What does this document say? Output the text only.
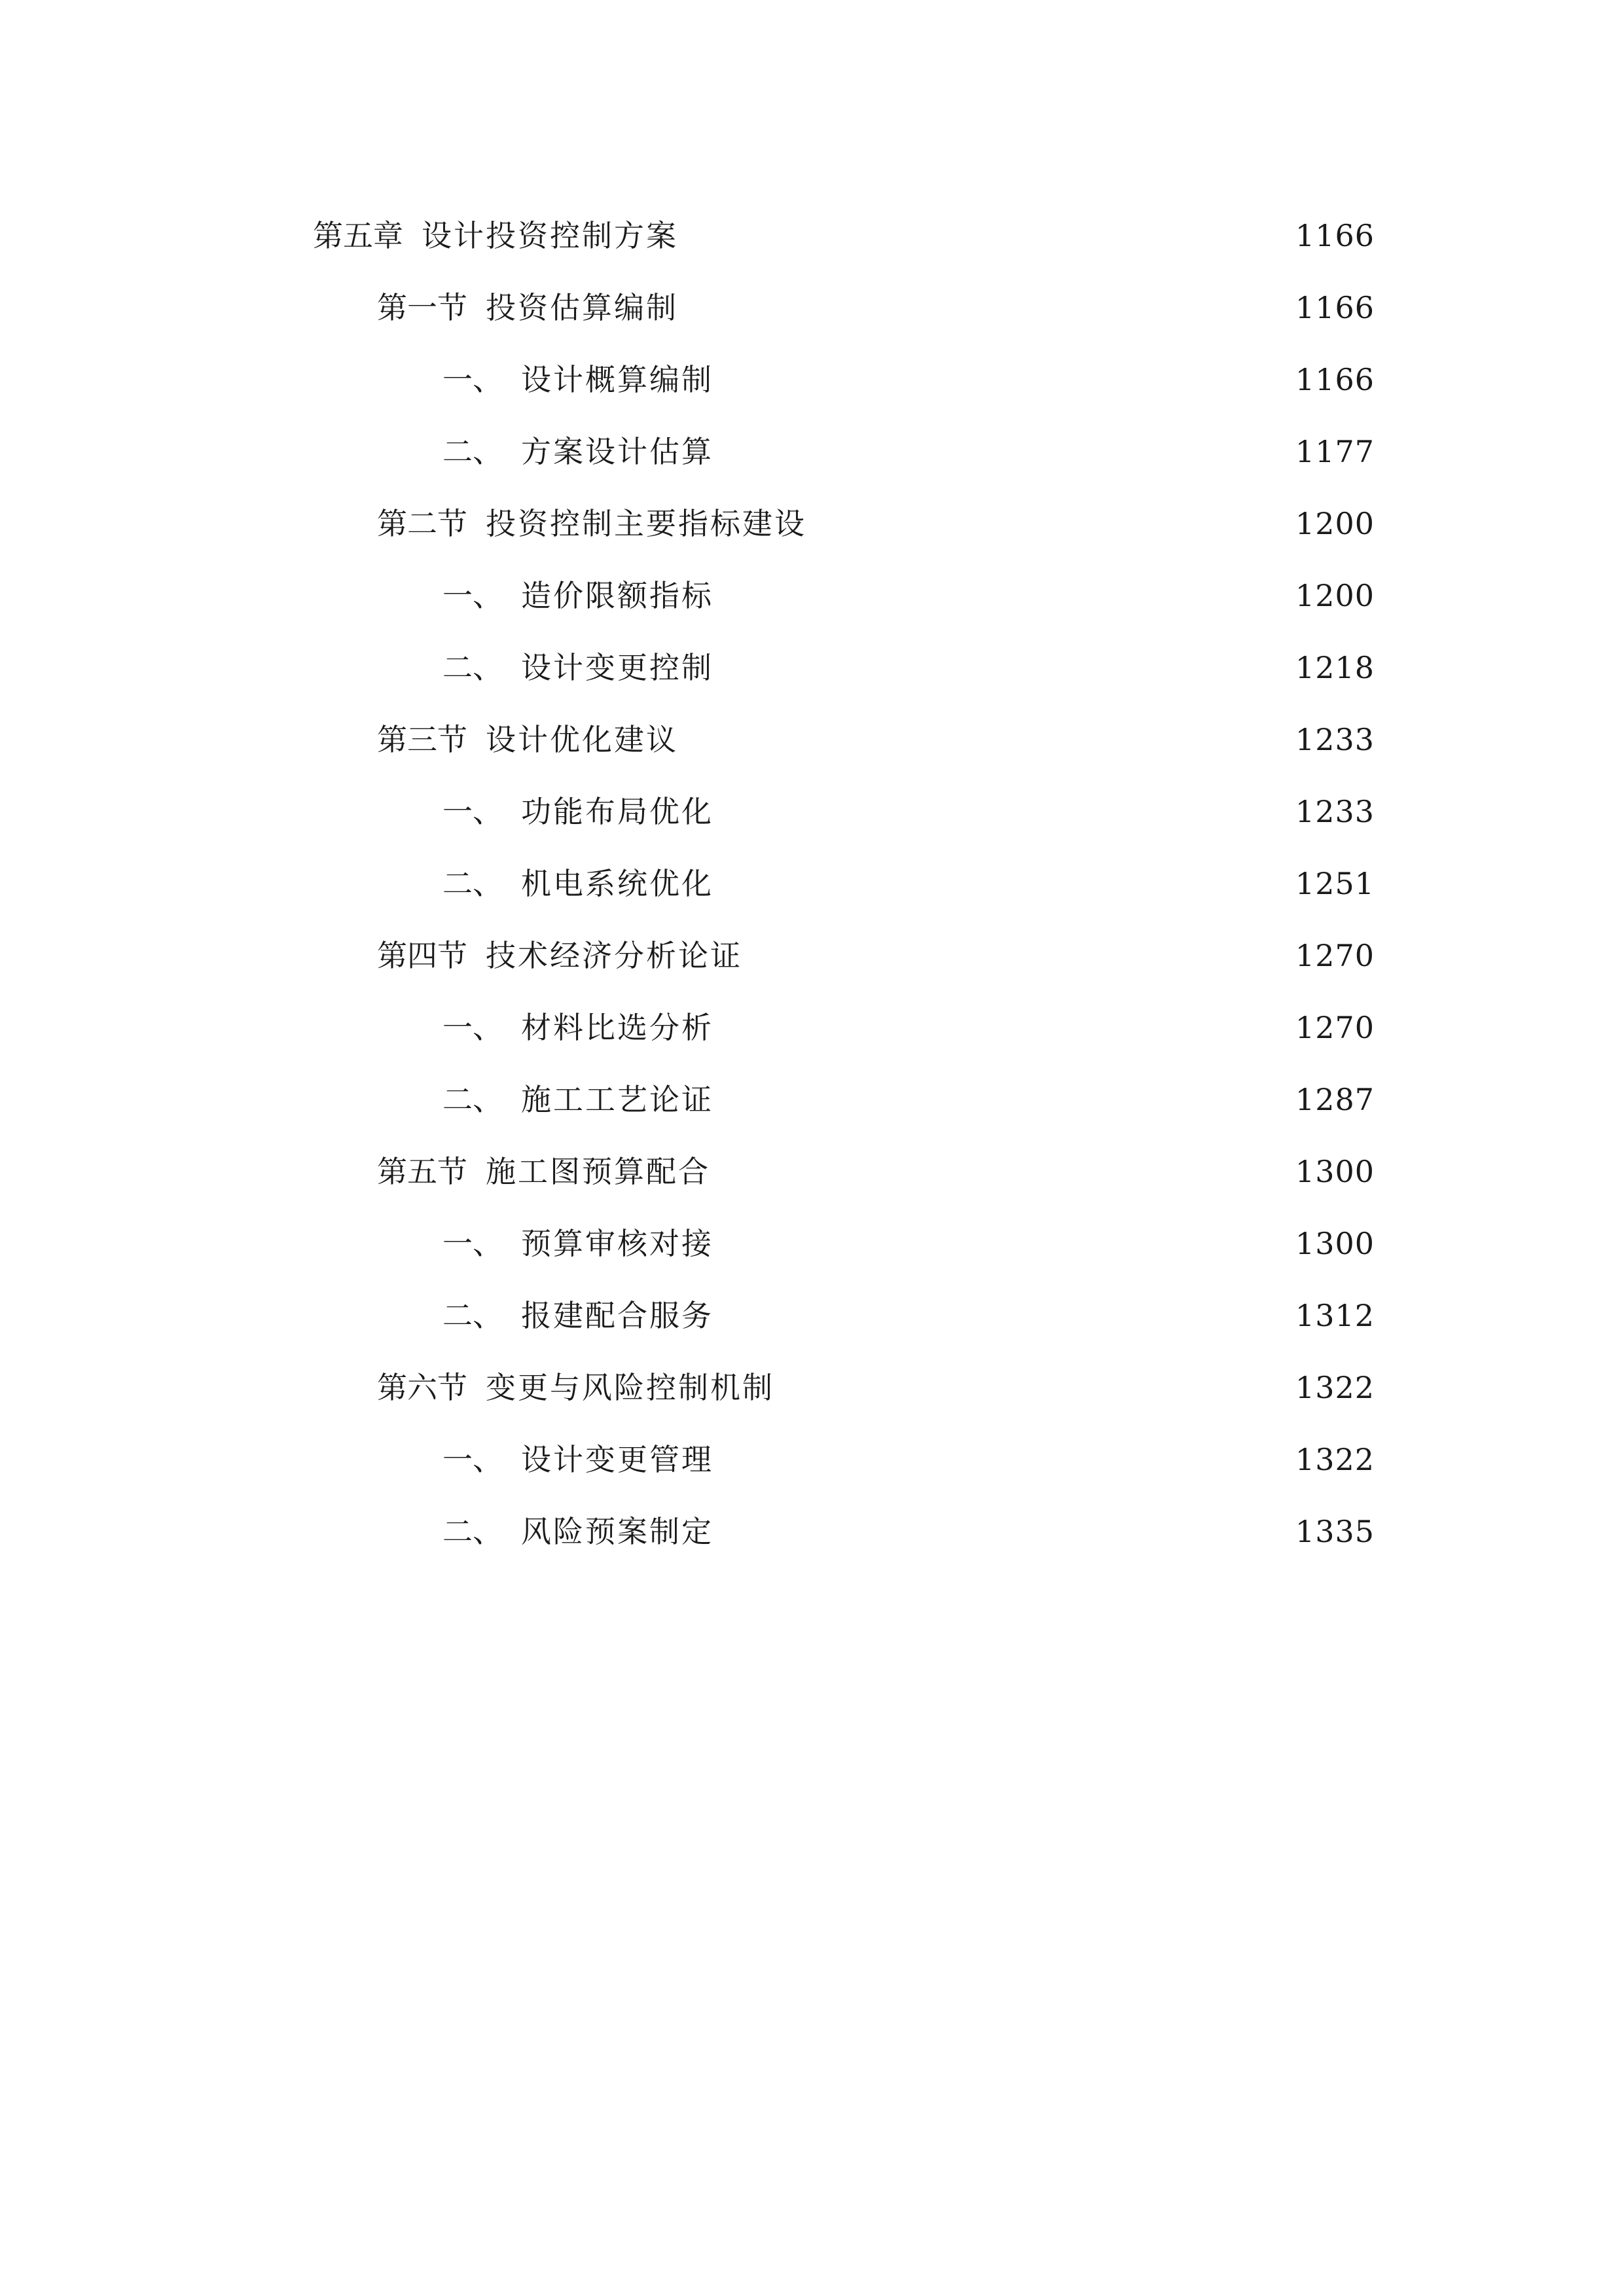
第五章 设计投资控制方案	1166
第一节 投资估算编制	1166
一、 设计概算编制	1166
二、 方案设计估算	1177
第二节 投资控制主要指标建设	1200
一、 造价限额指标	1200
二、 设计变更控制	1218
第三节 设计优化建议	1233
一、 功能布局优化	1233
二、 机电系统优化	1251
第四节 技术经济分析论证	1270
一、 材料比选分析	1270
二、 施工工艺论证	1287
第五节 施工图预算配合	1300
一、 预算审核对接	1300
二、 报建配合服务	1312
第六节 变更与风险控制机制	1322
一、 设计变更管理	1322
二、 风险预案制定	1335
